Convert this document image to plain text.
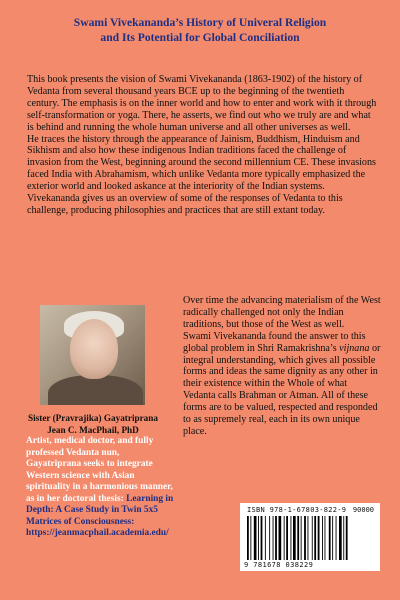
Swami Vivekananda’s History of Univeral Religion
and Its Potential for Global Conciliation

This book presents the vision of Swami Vivekananda (1863-1902) of the history of Vedanta from several thousand years BCE up to the beginning of the twentieth century. The emphasis is on the inner world and how to enter and work with it through self-transformation or yoga. There, he asserts, we find out who we truly are and what is behind and running the whole human universe and all other universes as well.

He traces the history through the appearance of Jainism, Buddhism, Hinduism and Sikhism and also how these indigenous Indian traditions faced the challenge of invasion from the West, beginning around the second millennium CE. These invasions faced India with Abrahamism, which unlike Vedanta more typically emphasized the exterior world and looked askance at the interiority of the Indian systems.

Vivekananda gives us an overview of some of the responses of Vedanta to this challenge, producing philosophies and practices that are still extant today.

Sister (Pravrajika) Gayatriprana
Jean C. MacPhail, PhD
Artist, medical doctor, and fully professed Vedanta nun, Gayatriprana seeks to integrate Western science with Asian spirituality in a harmonious manner, as in her doctoral thesis: Learning in Depth: A Case Study in Twin 5x5 Matrices of Consciousness:
https://jeanmacphail.academia.edu/

Over time the advancing materialism of the West radically challenged not only the Indian traditions, but those of the West as well.

Swami Vivekananda found the answer to this global problem in Shri Ramakrishna’s vijnana or integral understanding, which gives all possible forms and ideas the same dignity as any other in their existence within the Whole of what Vedanta calls Brahman or Atman. All of these forms are to be valued, respected and responded to as supremely real, each in its own unique place.

ISBN 978-1-67803-822-9
9 781678 038229
90000
